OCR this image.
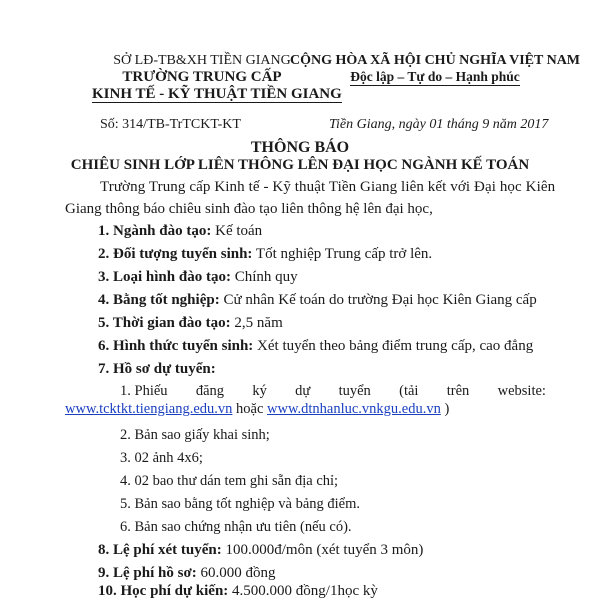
SỞ LĐ-TB&XH TIỀN GIANG
TRƯỜNG TRUNG CẤP
KINH TẾ - KỸ THUẬT TIỀN GIANG
CỘNG HÒA XÃ HỘI CHỦ NGHĨA VIỆT NAM
Độc lập – Tự do – Hạnh phúc
Số: 314/TB-TrTCKT-KT	Tiền Giang, ngày 01 tháng 9 năm 2017
THÔNG BÁO
CHIÊU SINH LỚP LIÊN THÔNG LÊN ĐẠI HỌC NGÀNH KẾ TOÁN
Trường Trung cấp Kinh tế - Kỹ thuật Tiền Giang liên kết với Đại học Kiên
Giang thông báo chiêu sinh đào tạo liên thông hệ lên đại học,
1. Ngành đào tạo: Kế toán
2. Đối tượng tuyển sinh: Tốt nghiệp Trung cấp trở lên.
3. Loại hình đào tạo: Chính quy
4. Bằng tốt nghiệp: Cử nhân Kế toán do trường Đại học Kiên Giang cấp
5. Thời gian đào tạo: 2,5 năm
6. Hình thức tuyển sinh: Xét tuyển theo bảng điểm trung cấp, cao đẳng
7. Hồ sơ dự tuyển:
1. Phiếu đăng ký dự tuyển (tải trên website:
www.tcktkt.tiengiang.edu.vn hoặc www.dtnhanluc.vnkgu.edu.vn )
2. Bản sao giấy khai sinh;
3. 02 ảnh 4x6;
4. 02 bao thư dán tem ghi sẵn địa chỉ;
5. Bản sao bằng tốt nghiệp và bảng điểm.
6. Bản sao chứng nhận ưu tiên (nếu có).
8. Lệ phí xét tuyển: 100.000đ/môn (xét tuyển 3 môn)
9. Lệ phí hồ sơ: 60.000 đồng
10. Học phí dự kiến: 4.500.000 đồng/1học kỳ
